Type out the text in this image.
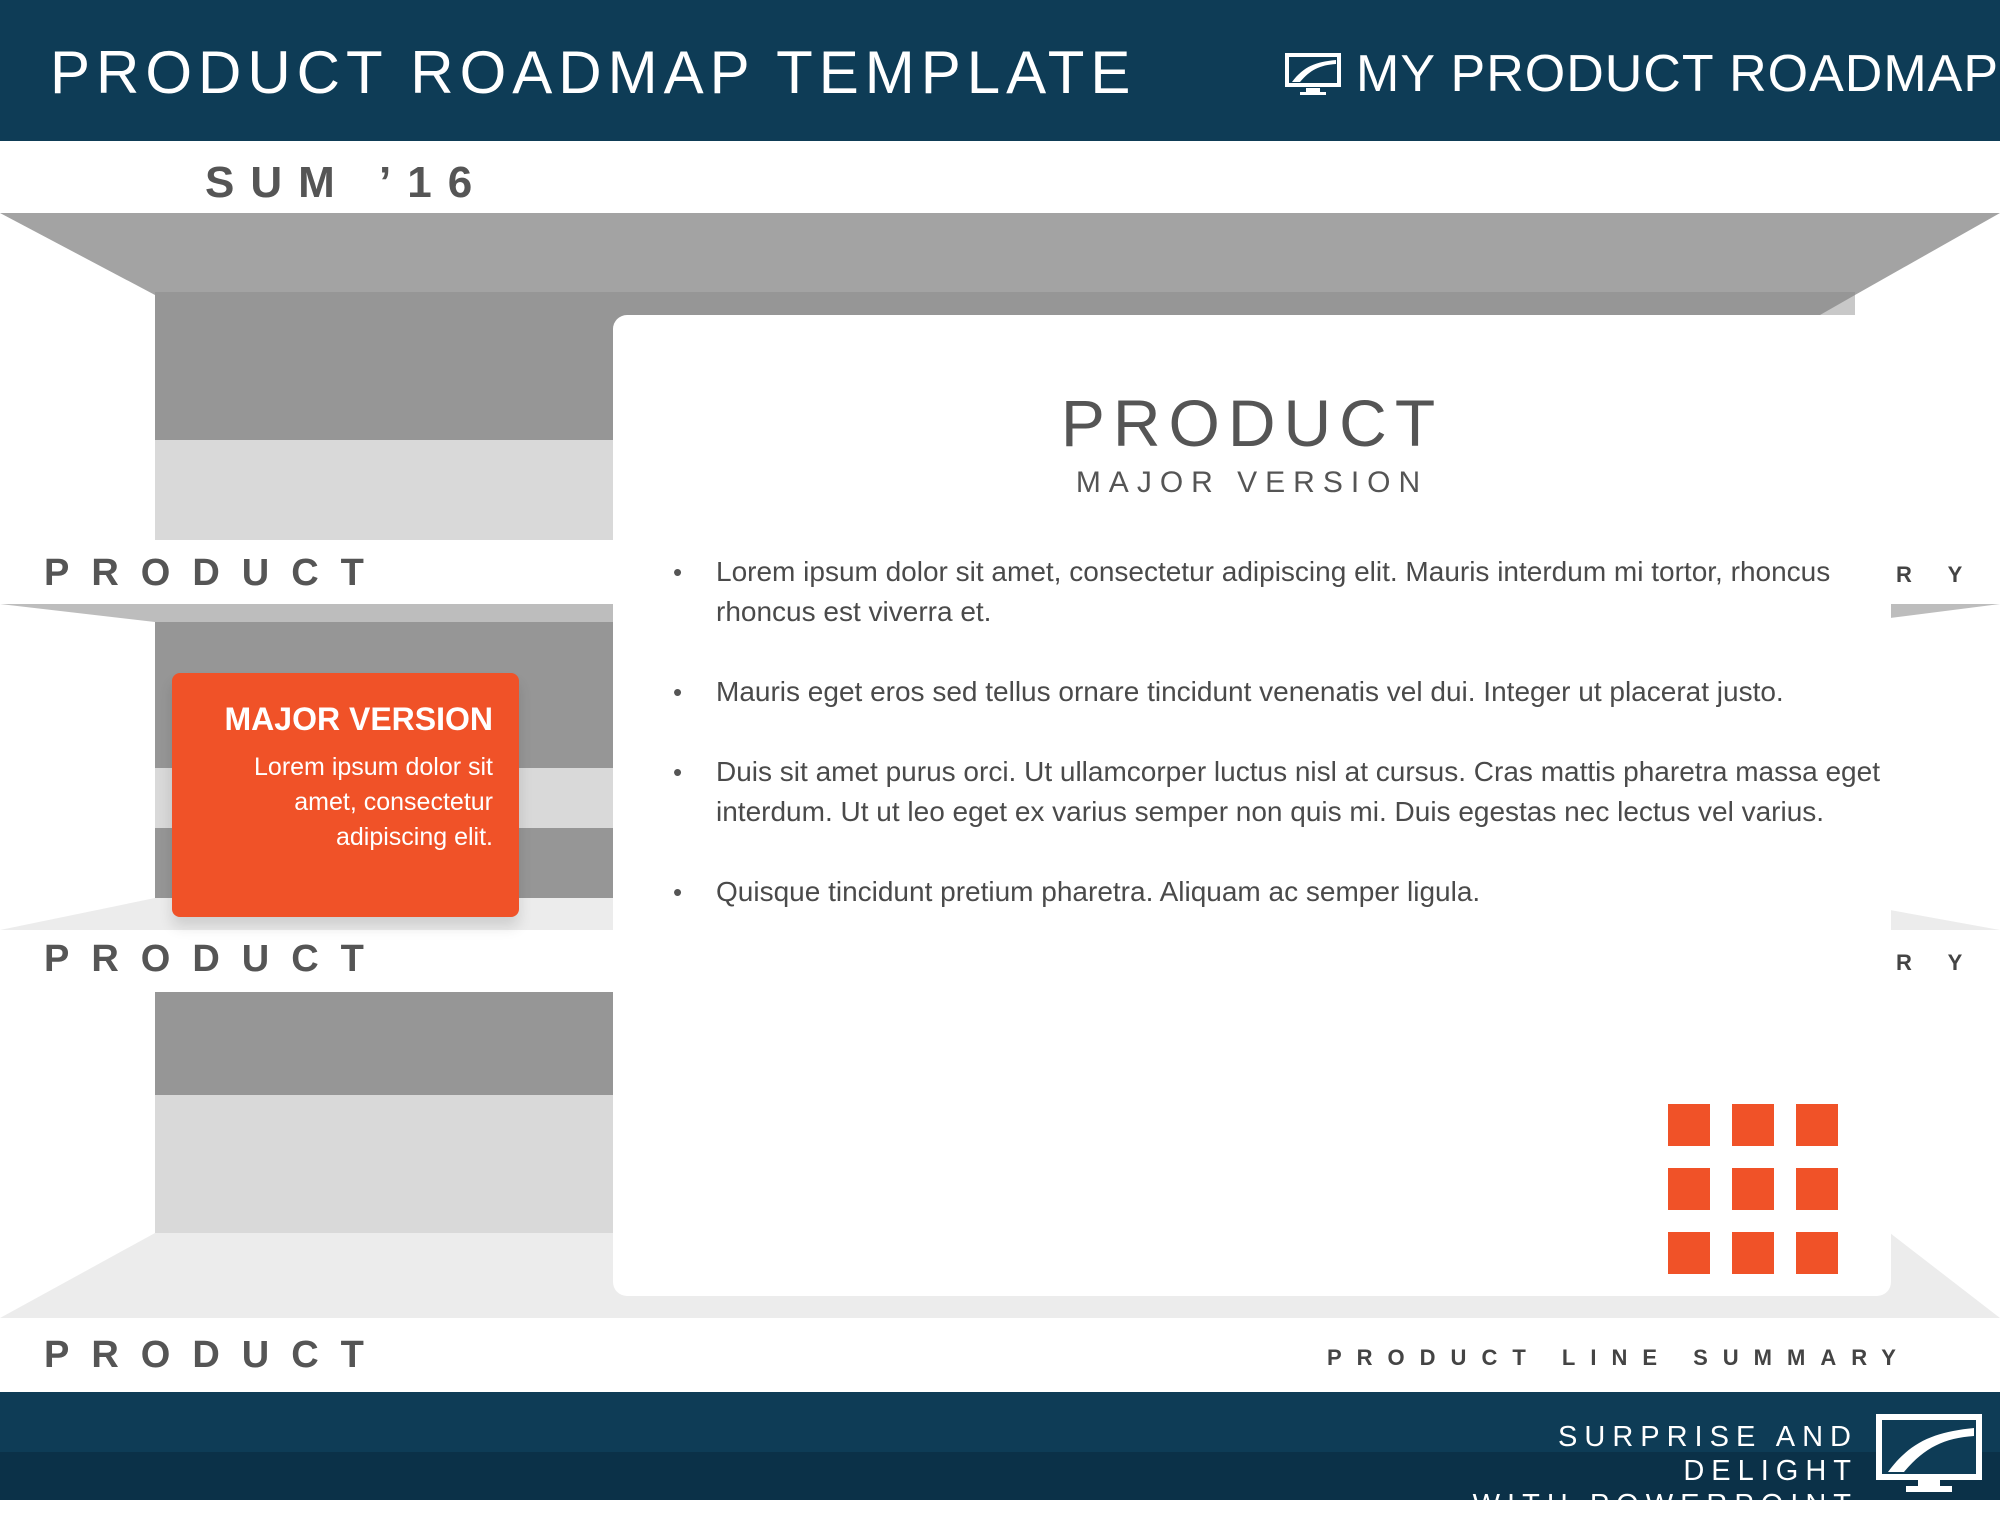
PRODUCT ROADMAP TEMPLATE	MY PRODUCT ROADMAP
SUM ’16
PRODUCT
PRODUCT
PRODUCT
R Y
R Y
PRODUCT LINE SUMMARY
MAJOR VERSION
Lorem ipsum dolor sit amet, consectetur adipiscing elit.
PRODUCT
MAJOR VERSION
• Lorem ipsum dolor sit amet, consectetur adipiscing elit. Mauris interdum mi tortor, rhoncus rhoncus est viverra et.
• Mauris eget eros sed tellus ornare tincidunt venenatis vel dui. Integer ut placerat justo.
• Duis sit amet purus orci. Ut ullamcorper luctus nisl at cursus. Cras mattis pharetra massa eget interdum. Ut ut leo eget ex varius semper non quis mi. Duis egestas nec lectus vel varius.
• Quisque tincidunt pretium pharetra. Aliquam ac semper ligula.
SURPRISE AND DELIGHT
WITH POWERPOINT
